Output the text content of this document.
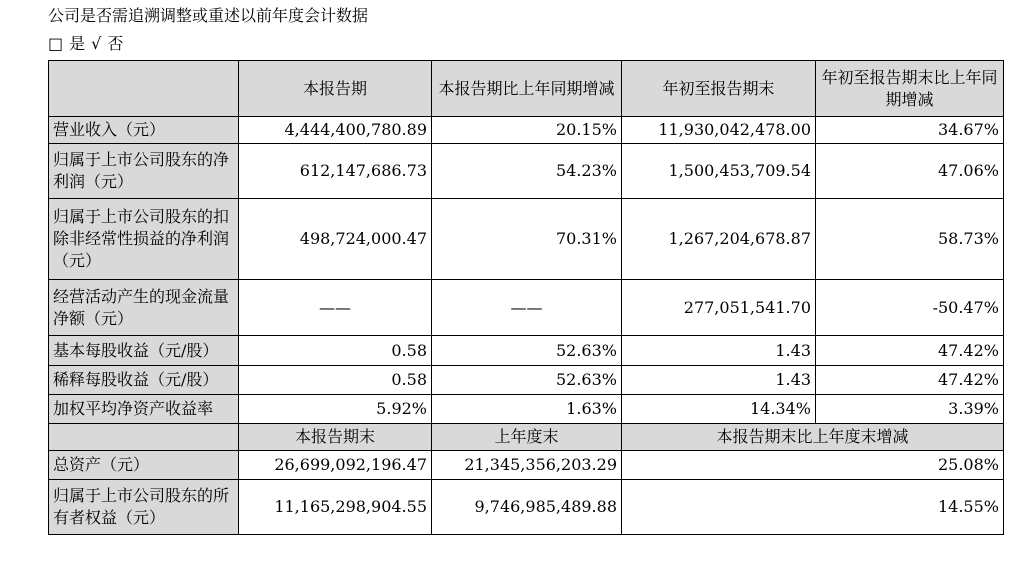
公司是否需追溯调整或重述以前年度会计数据
□ 是 √ 否
	本报告期	本报告期比上年同期增减	年初至报告期末	年初至报告期末比上年同期增减
营业收入（元）	4,444,400,780.89	20.15%	11,930,042,478.00	34.67%
归属于上市公司股东的净利润（元）	612,147,686.73	54.23%	1,500,453,709.54	47.06%
归属于上市公司股东的扣除非经常性损益的净利润（元）	498,724,000.47	70.31%	1,267,204,678.87	58.73%
经营活动产生的现金流量净额（元）	——	——	277,051,541.70	-50.47%
基本每股收益（元/股）	0.58	52.63%	1.43	47.42%
稀释每股收益（元/股）	0.58	52.63%	1.43	47.42%
加权平均净资产收益率	5.92%	1.63%	14.34%	3.39%
	本报告期末	上年度末	本报告期末比上年度末增减	
总资产（元）	26,699,092,196.47	21,345,356,203.29	25.08%	
归属于上市公司股东的所有者权益（元）	11,165,298,904.55	9,746,985,489.88	14.55%	
